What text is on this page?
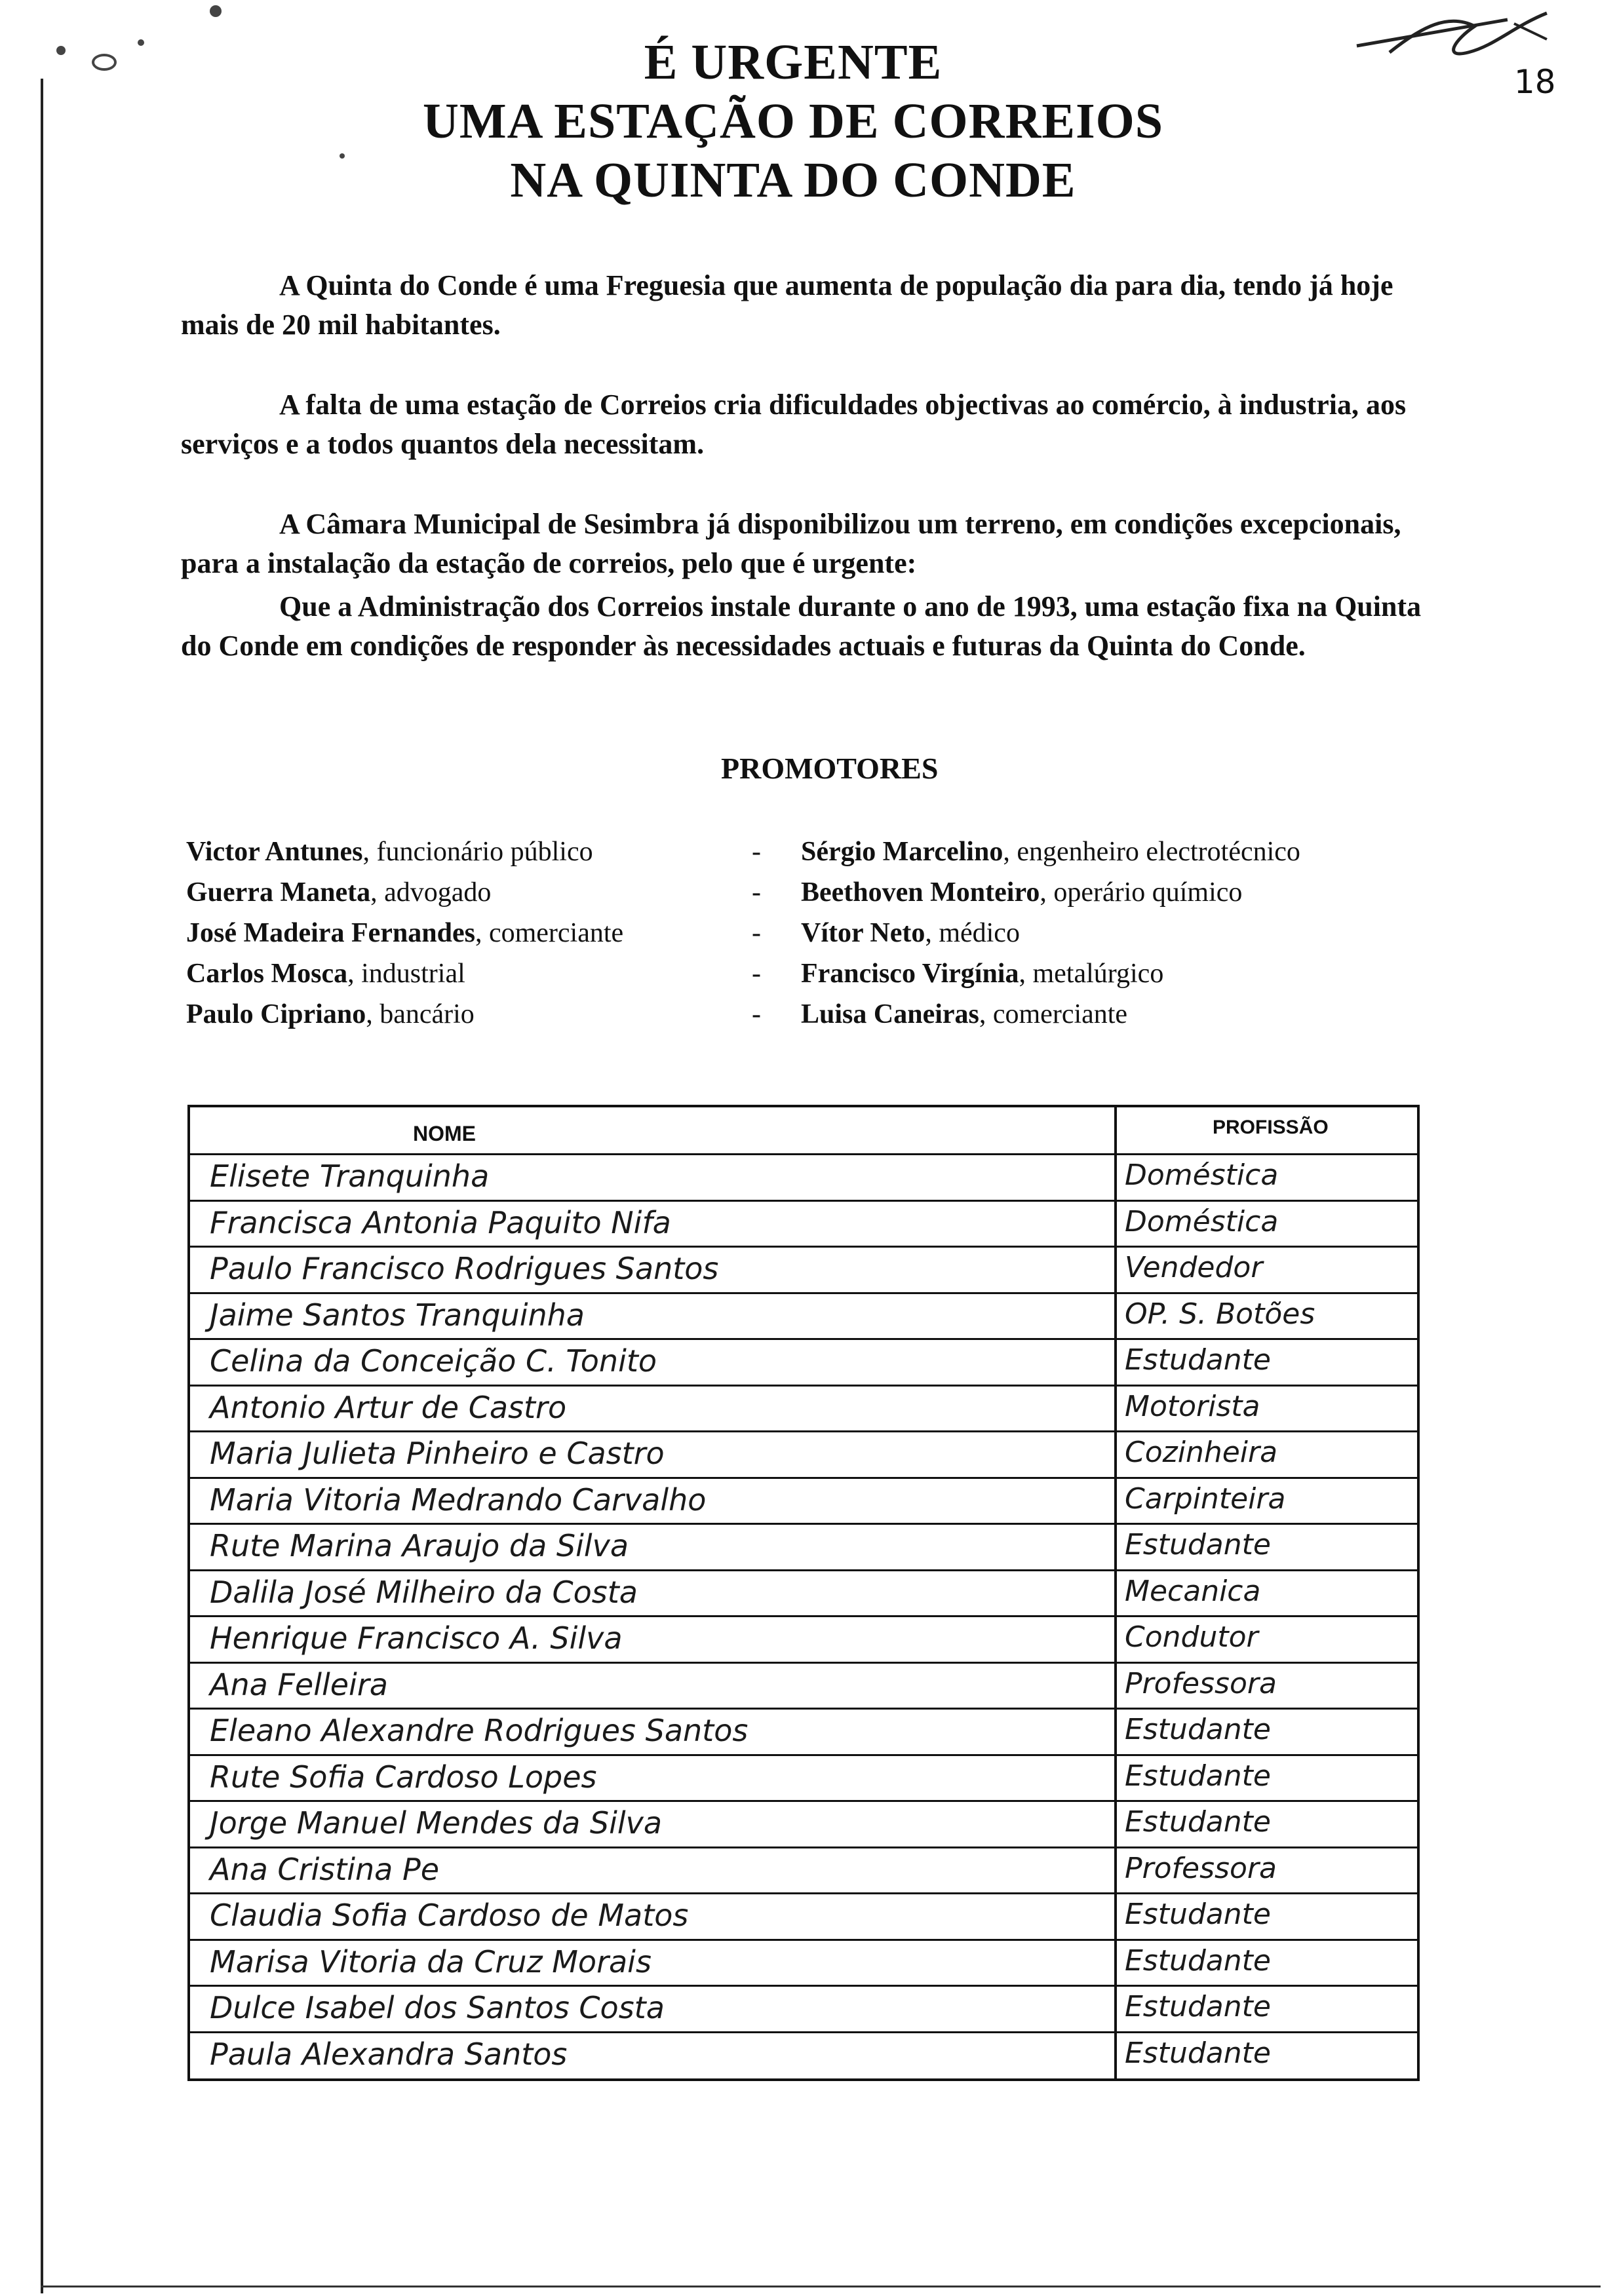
18
É URGENTE
UMA ESTAÇÃO DE CORREIOS
NA QUINTA DO CONDE
A Quinta do Conde é uma Freguesia que aumenta de população dia para dia, tendo já hoje mais de 20 mil habitantes.
A falta de uma estação de Correios cria dificuldades objectivas ao comércio, à industria, aos serviços e a todos quantos dela necessitam.
A Câmara Municipal de Sesimbra já disponibilizou um terreno, em condições excepcionais, para a instalação da estação de correios, pelo que é urgente:
Que a Administração dos Correios instale durante o ano de 1993, uma estação fixa na Quinta do Conde em condições de responder às necessidades actuais e futuras da Quinta do Conde.
PROMOTORES
Victor Antunes, funcionário público	-	Sérgio Marcelino, engenheiro electrotécnico
Guerra Maneta, advogado	-	Beethoven Monteiro, operário químico
José Madeira Fernandes, comerciante	-	Vítor Neto, médico
Carlos Mosca, industrial	-	Francisco Virgínia, metalúrgico
Paulo Cipriano, bancário	-	Luisa Caneiras, comerciante
NOME	PROFISSÃO
Elisete Tranquinha	Doméstica
Francisca Antonia Paquito Nifa	Doméstica
Paulo Francisco Rodrigues Santos	Vendedor
Jaime Santos Tranquinha	OP. S. Botões
Celina da Conceição C. Tonito	Estudante
Antonio Artur de Castro	Motorista
Maria Julieta Pinheiro e Castro	Cozinheira
Maria Vitoria Medrando Carvalho	Carpinteira
Rute Marina Araujo da Silva	Estudante
Dalila José Milheiro da Costa	Mecanica
Henrique Francisco A. Silva	Condutor
Ana Felleira	Professora
Eleano Alexandre Rodrigues Santos	Estudante
Rute Sofia Cardoso Lopes	Estudante
Jorge Manuel Mendes da Silva	Estudante
Ana Cristina Pe	Professora
Claudia Sofia Cardoso de Matos	Estudante
Marisa Vitoria da Cruz Morais	Estudante
Dulce Isabel dos Santos Costa	Estudante
Paula Alexandra Santos	Estudante
